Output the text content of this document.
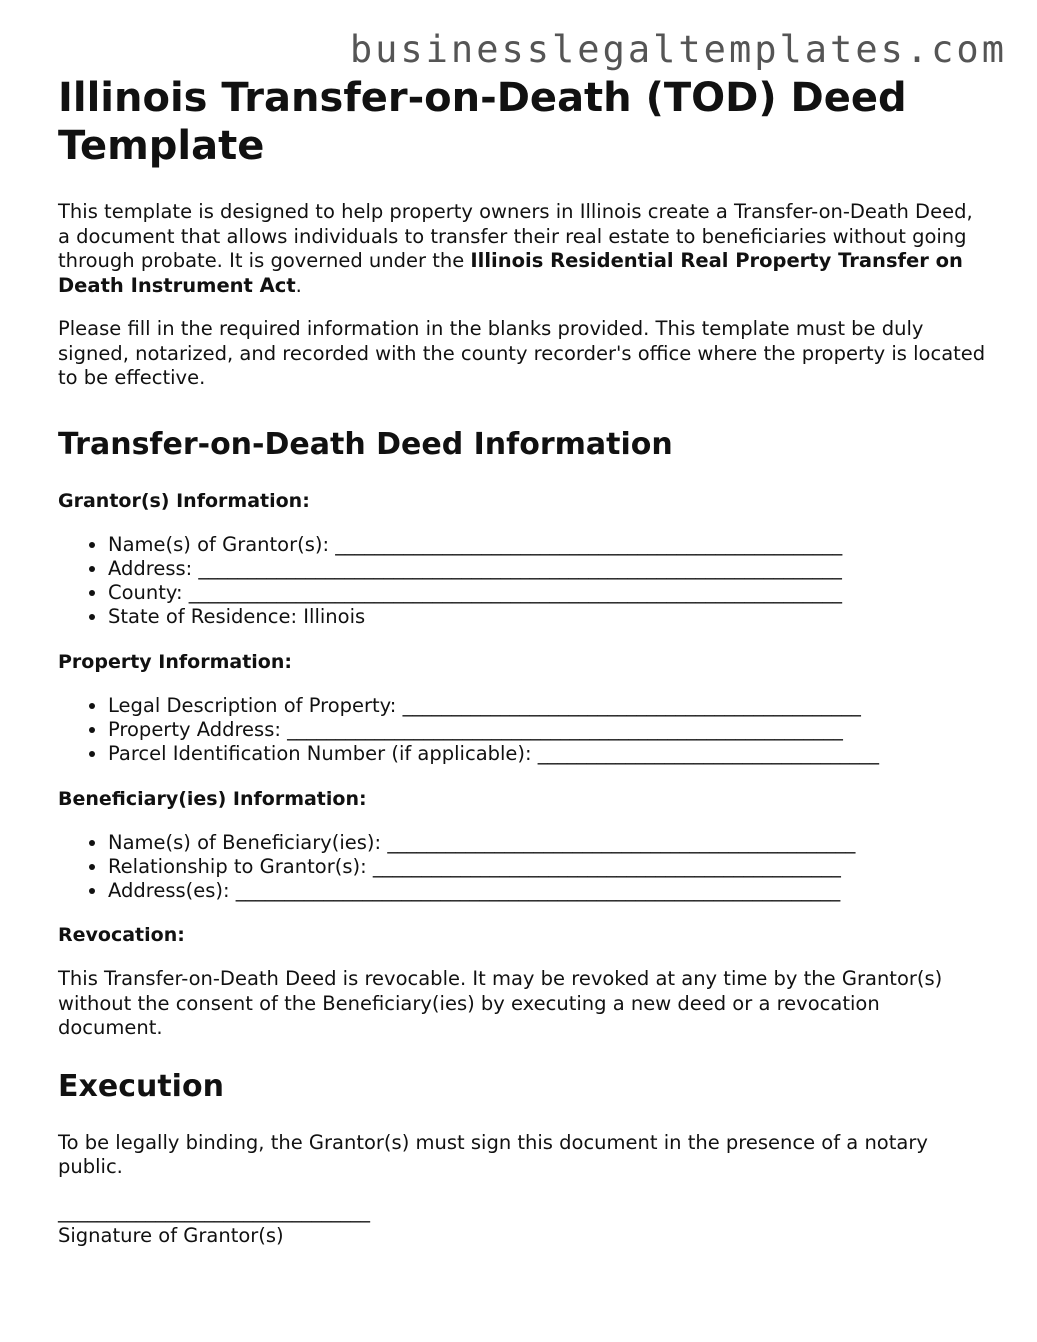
businesslegaltemplates.com
Illinois Transfer-on-Death (TOD) Deed Template

This template is designed to help property owners in Illinois create a Transfer-on-Death Deed, a document that allows individuals to transfer their real estate to beneficiaries without going through probate. It is governed under the Illinois Residential Real Property Transfer on Death Instrument Act.

Please fill in the required information in the blanks provided. This template must be duly signed, notarized, and recorded with the county recorder's office where the property is located to be effective.

Transfer-on-Death Deed Information
Grantor(s) Information:
• Name(s) of Grantor(s): ____________________________________________________
• Address: __________________________________________________________________
• County: ___________________________________________________________________
• State of Residence: Illinois
Property Information:
• Legal Description of Property: _______________________________________________
• Property Address: _________________________________________________________
• Parcel Identification Number (if applicable): ___________________________________
Beneficiary(ies) Information:
• Name(s) of Beneficiary(ies): ________________________________________________
• Relationship to Grantor(s): ________________________________________________
• Address(es): ______________________________________________________________
Revocation:

This Transfer-on-Death Deed is revocable. It may be revoked at any time by the Grantor(s) without the consent of the Beneficiary(ies) by executing a new deed or a revocation document.

Execution

To be legally binding, the Grantor(s) must sign this document in the presence of a notary public.

________________________________
Signature of Grantor(s)
